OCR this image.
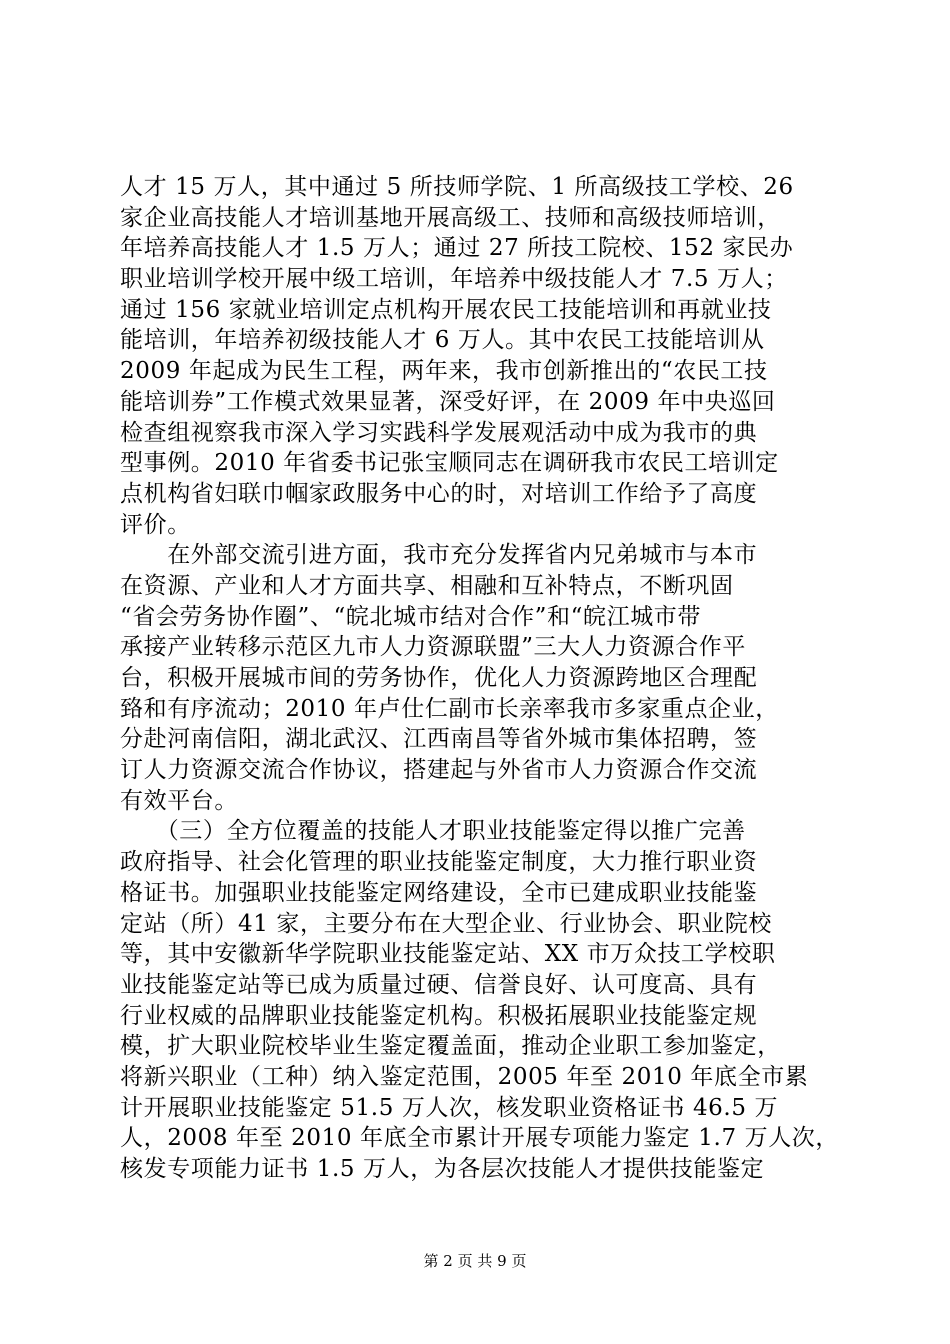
人才 15 万人，其中通过 5 所技师学院、1 所高级技工学校、26
家企业高技能人才培训基地开展高级工、技师和高级技师培训，
年培养高技能人才 1.5 万人；通过 27 所技工院校、152 家民办
职业培训学校开展中级工培训，年培养中级技能人才 7.5 万人；
通过 156 家就业培训定点机构开展农民工技能培训和再就业技
能培训，年培养初级技能人才 6 万人。其中农民工技能培训从
2009 年起成为民生工程，两年来，我市创新推出的“农民工技
能培训券”工作模式效果显著，深受好评，在 2009 年中央巡回
检查组视察我市深入学习实践科学发展观活动中成为我市的典
型事例。2010 年省委书记张宝顺同志在调研我市农民工培训定
点机构省妇联巾帼家政服务中心的时，对培训工作给予了高度
评价。
　　在外部交流引进方面，我市充分发挥省内兄弟城市与本市
在资源、产业和人才方面共享、相融和互补特点，不断巩固
“省会劳务协作圈”、“皖北城市结对合作”和“皖江城市带
承接产业转移示范区九市人力资源联盟”三大人力资源合作平
台，积极开展城市间的劳务协作，优化人力资源跨地区合理配
臵和有序流动；2010 年卢仕仁副市长亲率我市多家重点企业，
分赴河南信阳，湖北武汉、江西南昌等省外城市集体招聘，签
订人力资源交流合作协议，搭建起与外省市人力资源合作交流
有效平台。
　　（三）全方位覆盖的技能人才职业技能鉴定得以推广完善
政府指导、社会化管理的职业技能鉴定制度，大力推行职业资
格证书。加强职业技能鉴定网络建设，全市已建成职业技能鉴
定站（所）41 家，主要分布在大型企业、行业协会、职业院校
等，其中安徽新华学院职业技能鉴定站、XX 市万众技工学校职
业技能鉴定站等已成为质量过硬、信誉良好、认可度高、具有
行业权威的品牌职业技能鉴定机构。积极拓展职业技能鉴定规
模，扩大职业院校毕业生鉴定覆盖面，推动企业职工参加鉴定，
将新兴职业（工种）纳入鉴定范围，2005 年至 2010 年底全市累
计开展职业技能鉴定 51.5 万人次，核发职业资格证书 46.5 万
人，2008 年至 2010 年底全市累计开展专项能力鉴定 1.7 万人次，
核发专项能力证书 1.5 万人，为各层次技能人才提供技能鉴定
第 2 页 共 9 页
